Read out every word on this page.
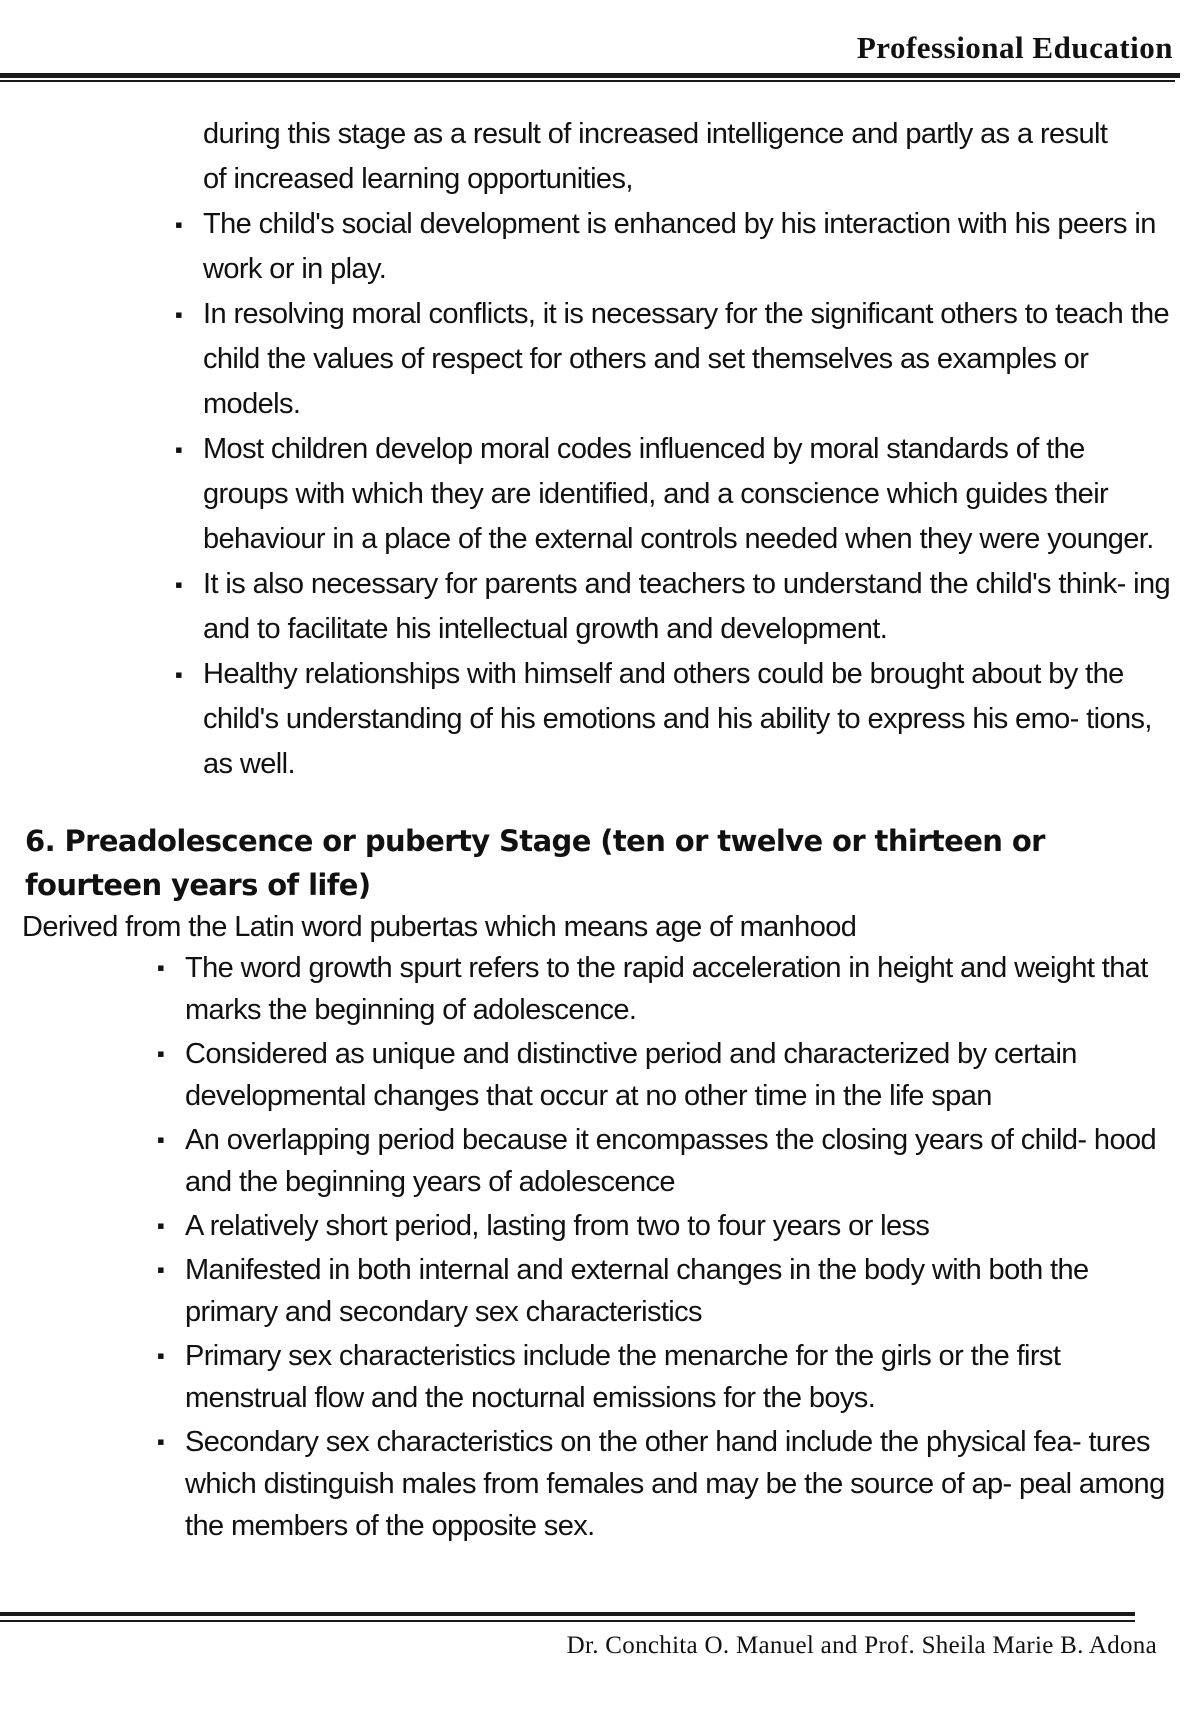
Professional Education

during this stage as a result of increased intelligence and partly as a result
of increased learning opportunities,

▪ The child's social development is enhanced by his interaction with his peers in work or in play.
▪ In resolving moral conflicts, it is necessary for the significant others to teach the child the values of respect for others and set themselves as examples or models.
▪ Most children develop moral codes influenced by moral standards of the groups with which they are identified, and a conscience which guides their behaviour in a place of the external controls needed when they were younger.
▪ It is also necessary for parents and teachers to understand the child's think- ing and to facilitate his intellectual growth and development.
▪ Healthy relationships with himself and others could be brought about by the child's understanding of his emotions and his ability to express his emo- tions, as well.
6. Preadolescence or puberty Stage (ten or twelve or thirteen or fourteen years of life)
Derived from the Latin word pubertas which means age of manhood
▪ The word growth spurt refers to the rapid acceleration in height and weight that marks the beginning of adolescence.
▪ Considered as unique and distinctive period and characterized by certain developmental changes that occur at no other time in the life span
▪ An overlapping period because it encompasses the closing years of child- hood and the beginning years of adolescence
▪ A relatively short period, lasting from two to four years or less
▪ Manifested in both internal and external changes in the body with both the primary and secondary sex characteristics
▪ Primary sex characteristics include the menarche for the girls or the first menstrual flow and the nocturnal emissions for the boys.
▪ Secondary sex characteristics on the other hand include the physical fea- tures which distinguish males from females and may be the source of ap- peal among the members of the opposite sex.
Dr. Conchita O. Manuel and Prof. Sheila Marie B. Adona
